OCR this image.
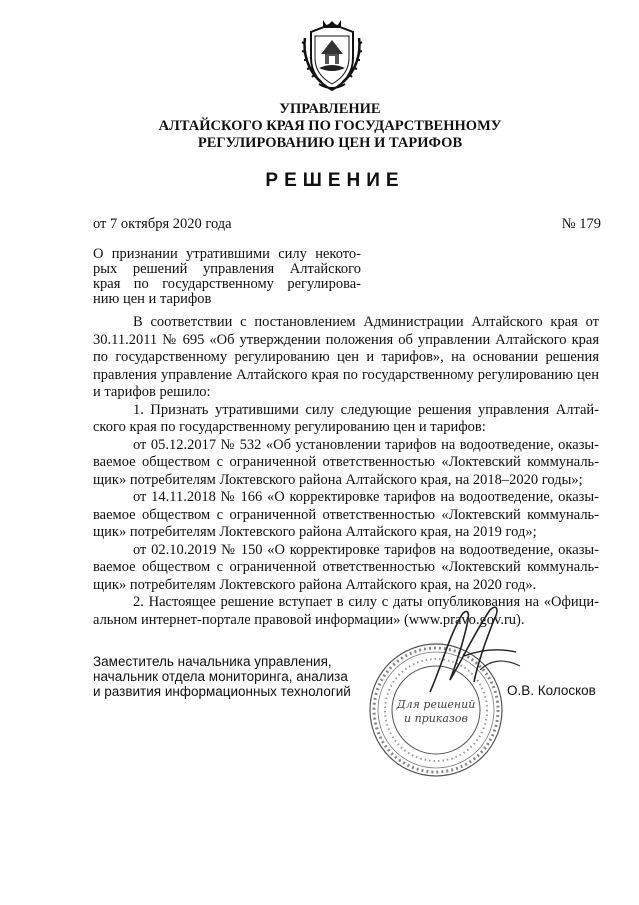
УПРАВЛЕНИЕ
АЛТАЙСКОГО КРАЯ ПО ГОСУДАРСТВЕННОМУ
РЕГУЛИРОВАНИЮ ЦЕН И ТАРИФОВ
РЕШЕНИЕ
от 7 октября 2020 года	№ 179
О признании утратившими силу некото-
рых решений управления Алтайского
края по государственному регулирова-
нию цен и тарифов
В соответствии с постановлением Администрации Алтайского края от
30.11.2011 № 695 «Об утверждении положения об управлении Алтайского края
по государственному регулированию цен и тарифов», на основании решения
правления управление Алтайского края по государственному регулированию цен
и тарифов решило:
1. Признать утратившими силу следующие решения управления Алтай-
ского края по государственному регулированию цен и тарифов:
от 05.12.2017 № 532 «Об установлении тарифов на водоотведение, оказы-
ваемое обществом с ограниченной ответственностью «Локтевский коммуналь-
щик» потребителям Локтевского района Алтайского края, на 2018–2020 годы»;
от 14.11.2018 № 166 «О корректировке тарифов на водоотведение, оказы-
ваемое обществом с ограниченной ответственностью «Локтевский коммуналь-
щик» потребителям Локтевского района Алтайского края, на 2019 год»;
от 02.10.2019 № 150 «О корректировке тарифов на водоотведение, оказы-
ваемое обществом с ограниченной ответственностью «Локтевский коммуналь-
щик» потребителям Локтевского района Алтайского края, на 2020 год».
2. Настоящее решение вступает в силу с даты опубликования на «Офици-
альном интернет-портале правовой информации» (www.pravo.gov.ru).
Заместитель начальника управления,
начальник отдела мониторинга, анализа
и развития информационных технологий
Для решений
и приказов
О.В. Колосков
